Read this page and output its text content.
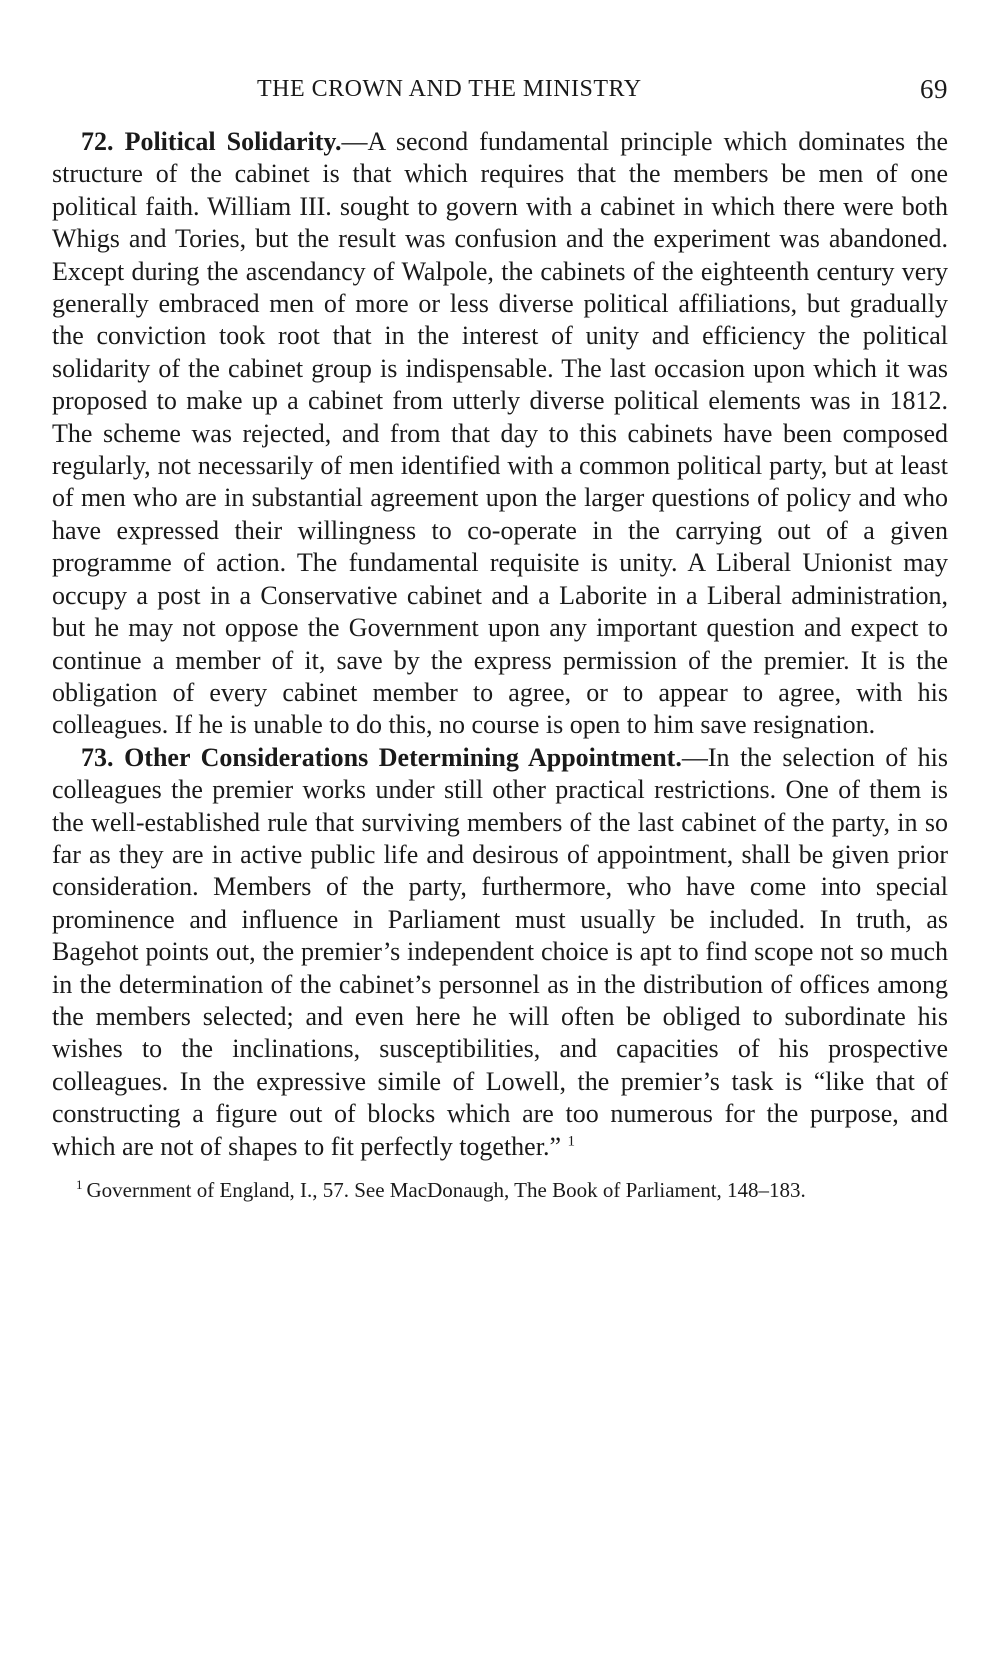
THE CROWN AND THE MINISTRY	69

72. Political Solidarity.—A second fundamental principle which dominates the structure of the cabinet is that which requires that the members be men of one political faith. William III. sought to govern with a cabinet in which there were both Whigs and Tories, but the result was confusion and the experiment was abandoned. Except during the ascendancy of Walpole, the cabinets of the eighteenth century very generally embraced men of more or less diverse political affiliations, but gradually the conviction took root that in the interest of unity and efficiency the political solidarity of the cabinet group is indispensable. The last occasion upon which it was proposed to make up a cabinet from utterly diverse political elements was in 1812. The scheme was rejected, and from that day to this cabinets have been composed regularly, not necessarily of men identified with a common political party, but at least of men who are in substantial agreement upon the larger questions of policy and who have expressed their willingness to co-operate in the carrying out of a given programme of action. The fundamental requisite is unity. A Liberal Unionist may occupy a post in a Conservative cabinet and a Laborite in a Liberal administration, but he may not oppose the Government upon any important question and expect to continue a member of it, save by the express permission of the premier. It is the obligation of every cabinet member to agree, or to appear to agree, with his colleagues. If he is unable to do this, no course is open to him save resignation.

73. Other Considerations Determining Appointment.—In the selection of his colleagues the premier works under still other practical restrictions. One of them is the well-established rule that surviving members of the last cabinet of the party, in so far as they are in active public life and desirous of appointment, shall be given prior consideration. Members of the party, furthermore, who have come into special prominence and influence in Parliament must usually be included. In truth, as Bagehot points out, the premier’s independent choice is apt to find scope not so much in the determination of the cabinet’s personnel as in the distribution of offices among the members selected; and even here he will often be obliged to subordinate his wishes to the inclinations, susceptibilities, and capacities of his prospective colleagues. In the expressive simile of Lowell, the premier’s task is “like that of constructing a figure out of blocks which are too numerous for the purpose, and which are not of shapes to fit perfectly together.” $^1$

$^1$ Government of England, I., 57. See MacDonaugh, The Book of Parliament, 148–183.
